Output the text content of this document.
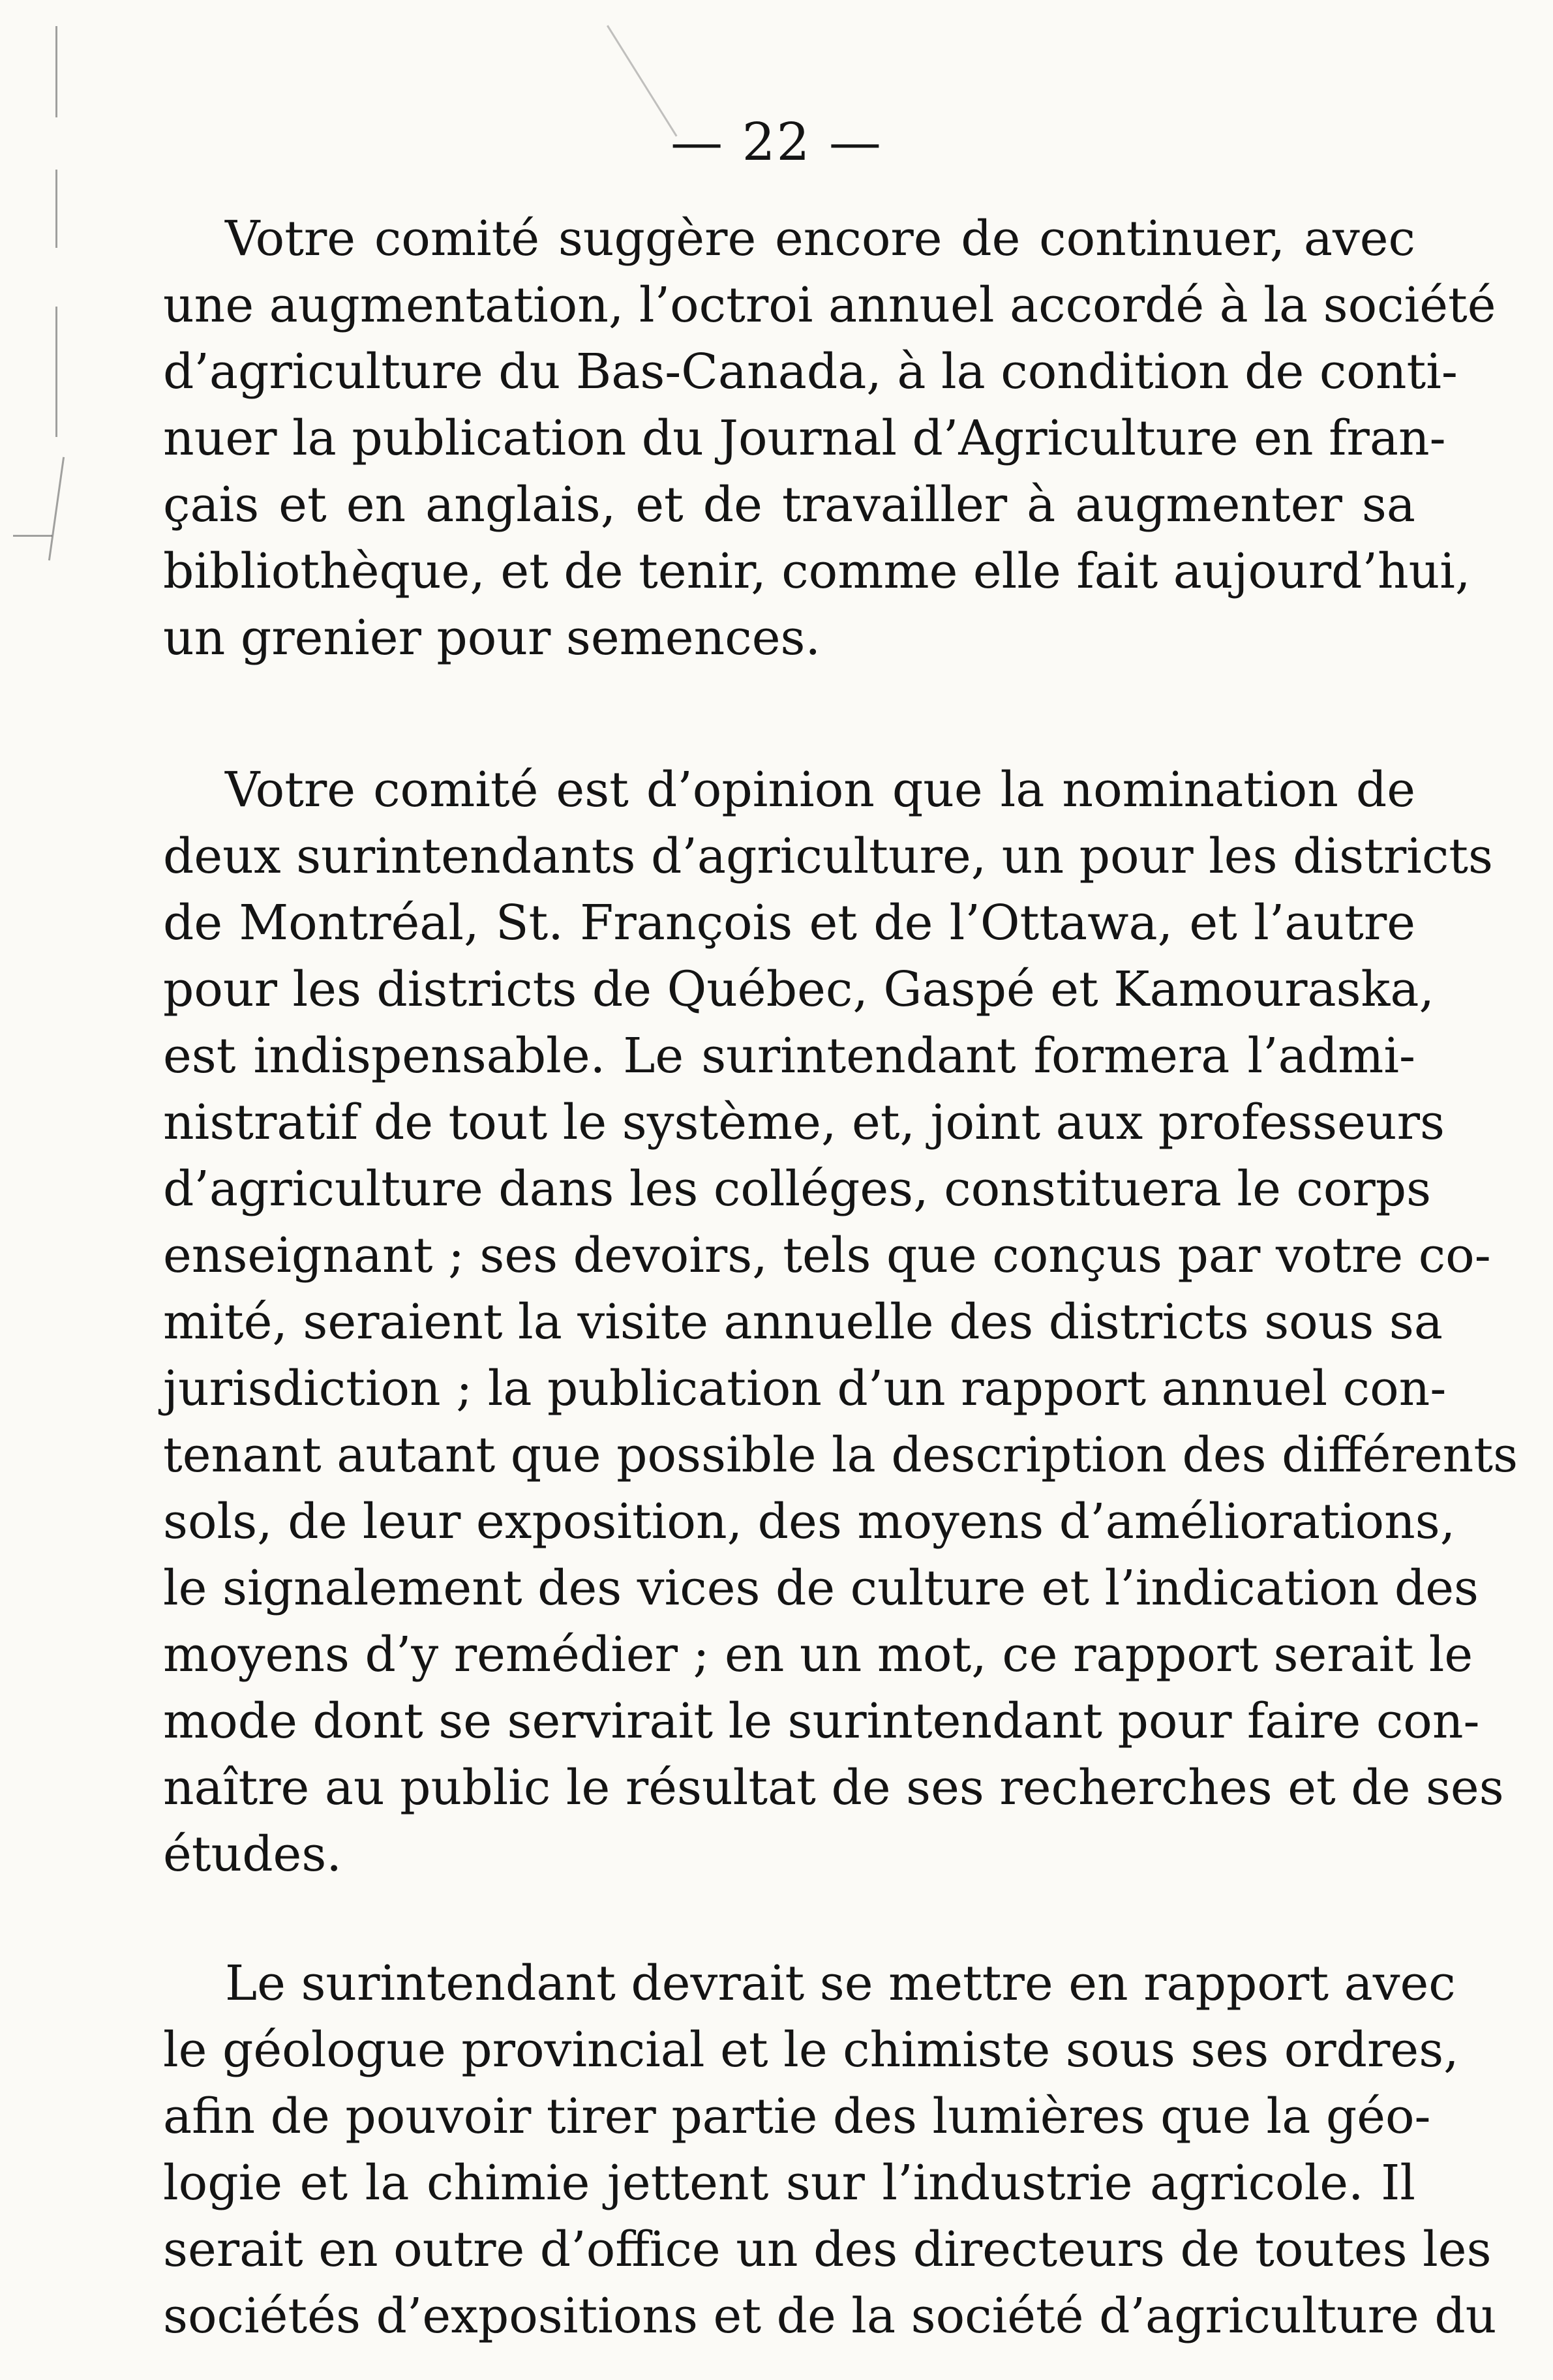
— 22 —
Votre comité suggère encore de continuer, avec
une augmentation, l’octroi annuel accordé à la société
d’agriculture du Bas-Canada, à la condition de conti-
nuer la publication du Journal d’Agriculture en fran-
çais et en anglais, et de travailler à augmenter sa
bibliothèque, et de tenir, comme elle fait aujourd’hui,
un grenier pour semences.
Votre comité est d’opinion que la nomination de
deux surintendants d’agriculture, un pour les districts
de Montréal, St. François et de l’Ottawa, et l’autre
pour les districts de Québec, Gaspé et Kamouraska,
est indispensable. Le surintendant formera l’admi-
nistratif de tout le système, et, joint aux professeurs
d’agriculture dans les colléges, constituera le corps
enseignant ; ses devoirs, tels que conçus par votre co-
mité, seraient la visite annuelle des districts sous sa
jurisdiction ; la publication d’un rapport annuel con-
tenant autant que possible la description des différents
sols, de leur exposition, des moyens d’améliorations,
le signalement des vices de culture et l’indication des
moyens d’y remédier ; en un mot, ce rapport serait le
mode dont se servirait le surintendant pour faire con-
naître au public le résultat de ses recherches et de ses
études.
Le surintendant devrait se mettre en rapport avec
le géologue provincial et le chimiste sous ses ordres,
afin de pouvoir tirer partie des lumières que la géo-
logie et la chimie jettent sur l’industrie agricole. Il
serait en outre d’office un des directeurs de toutes les
sociétés d’expositions et de la société d’agriculture du
